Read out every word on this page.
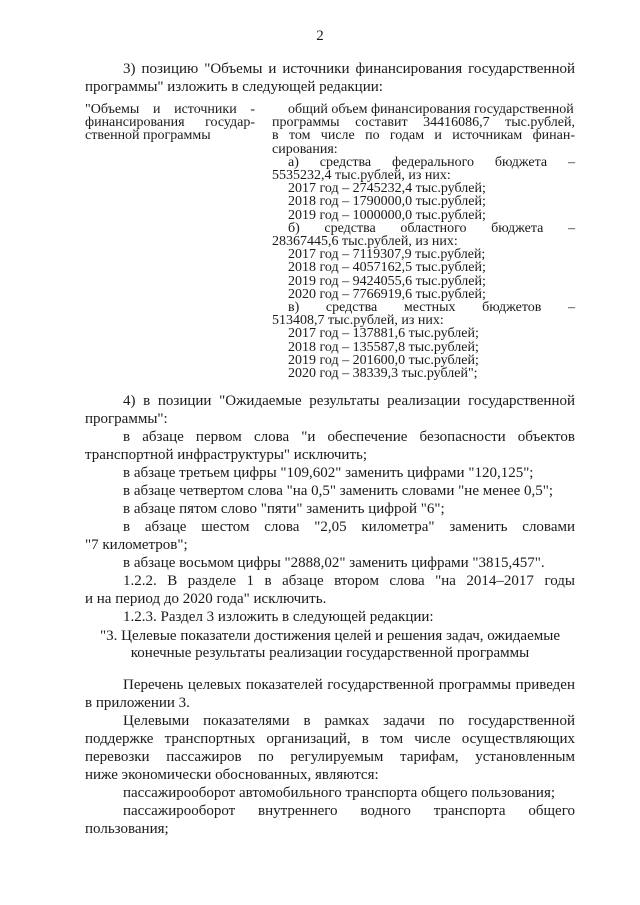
2
3) позицию "Объемы и источники финансирования государственной
программы" изложить в следующей редакции:
"Объемы и источники -
финансирования государ-
ственной программы
общий объем финансирования государственной
программы составит 34416086,7 тыс.рублей,
в том числе по годам и источникам финан-
сирования:
а) средства федерального бюджета –
5535232,4 тыс.рублей, из них:
2017 год – 2745232,4 тыс.рублей;
2018 год – 1790000,0 тыс.рублей;
2019 год – 1000000,0 тыс.рублей;
б) средства областного бюджета –
28367445,6 тыс.рублей, из них:
2017 год – 7119307,9 тыс.рублей;
2018 год – 4057162,5 тыс.рублей;
2019 год – 9424055,6 тыс.рублей;
2020 год – 7766919,6 тыс.рублей;
в) средства местных бюджетов –
513408,7 тыс.рублей, из них:
2017 год – 137881,6 тыс.рублей;
2018 год – 135587,8 тыс.рублей;
2019 год – 201600,0 тыс.рублей;
2020 год – 38339,3 тыс.рублей";
4) в позиции "Ожидаемые результаты реализации государственной
программы":
в абзаце первом слова "и обеспечение безопасности объектов
транспортной инфраструктуры" исключить;
в абзаце третьем цифры "109,602" заменить цифрами "120,125";
в абзаце четвертом слова "на 0,5" заменить словами "не менее 0,5";
в абзаце пятом слово "пяти" заменить цифрой "6";
в абзаце шестом слова "2,05 километра" заменить словами
"7 километров";
в абзаце восьмом цифры "2888,02" заменить цифрами "3815,457".
1.2.2. В разделе 1 в абзаце втором слова "на 2014–2017 годы
и на период до 2020 года" исключить.
1.2.3. Раздел 3 изложить в следующей редакции:
"3. Целевые показатели достижения целей и решения задач, ожидаемые
конечные результаты реализации государственной программы
Перечень целевых показателей государственной программы приведен
в приложении 3.
Целевыми показателями в рамках задачи по государственной
поддержке транспортных организаций, в том числе осуществляющих
перевозки пассажиров по регулируемым тарифам, установленным
ниже экономически обоснованных, являются:
пассажирооборот автомобильного транспорта общего пользования;
пассажирооборот внутреннего водного транспорта общего
пользования;
